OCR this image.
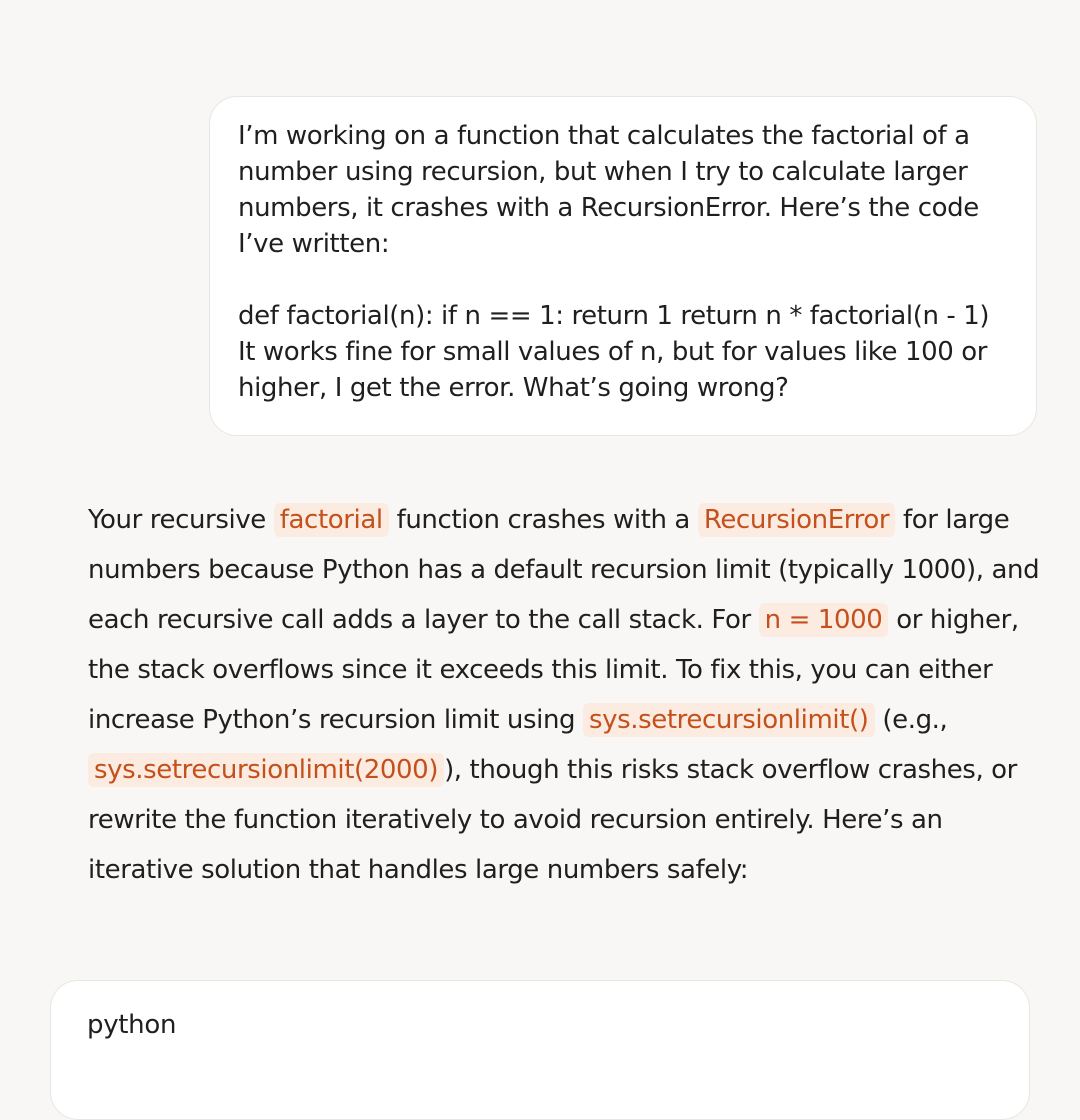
I’m working on a function that calculates the factorial of a number using recursion, but when I try to calculate larger numbers, it crashes with a RecursionError. Here’s the code I’ve written:

def factorial(n): if n == 1: return 1 return n * factorial(n - 1) It works fine for small values of n, but for values like 100 or higher, I get the error. What’s going wrong?

Your recursive factorial function crashes with a RecursionError for large numbers because Python has a default recursion limit (typically 1000), and each recursive call adds a layer to the call stack. For n = 1000 or higher, the stack overflows since it exceeds this limit. To fix this, you can either increase Python’s recursion limit using sys.setrecursionlimit() (e.g., sys.setrecursionlimit(2000) ), though this risks stack overflow crashes, or rewrite the function iteratively to avoid recursion entirely. Here’s an iterative solution that handles large numbers safely:

python
